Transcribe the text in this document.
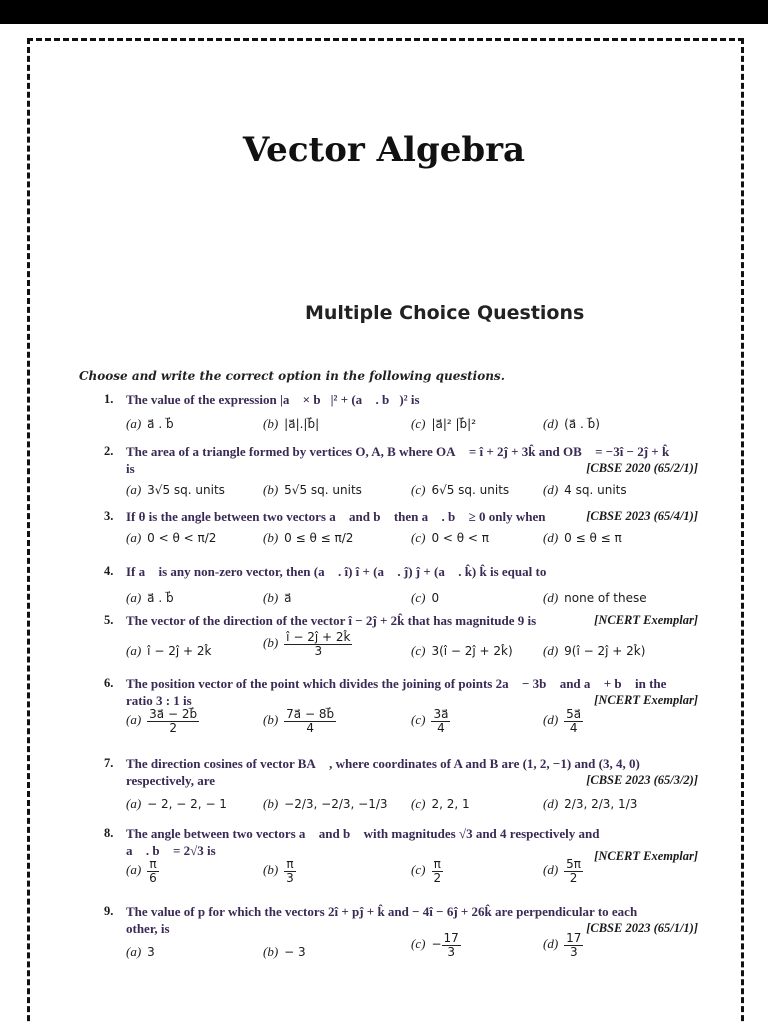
Vector Algebra
Multiple Choice Questions
Choose and write the correct option in the following questions.
1. The value of the expression |a⃗ × b⃗|² + (a⃗ . b⃗)² is
(a) a⃗ . b⃗	(b) |a⃗|.|b⃗|	(c) |a⃗|² |b⃗|²	(d) (a⃗ . b⃗)
2. The area of a triangle formed by vertices O, A, B where OA⃗ = î + 2ĵ + 3k̂ and OB⃗ = −3î − 2ĵ + k̂
is	[CBSE 2020 (65/2/1)]
(a) 3√5 sq. units	(b) 5√5 sq. units	(c) 6√5 sq. units	(d) 4 sq. units
3. If θ is the angle between two vectors a⃗ and b⃗ then a⃗ . b⃗ ≥ 0 only when	[CBSE 2023 (65/4/1)]
(a) 0 < θ < π/2	(b) 0 ≤ θ ≤ π/2	(c) 0 < θ < π	(d) 0 ≤ θ ≤ π
4. If a⃗ is any non-zero vector, then (a⃗ . î) î + (a⃗ . ĵ) ĵ + (a⃗ . k̂) k̂ is equal to
(a) a⃗ . b⃗	(b) a⃗	(c) 0	(d) none of these
5. The vector of the direction of the vector î − 2ĵ + 2k̂ that has magnitude 9 is	[NCERT Exemplar]
(a) î − 2ĵ + 2k̂
$(b) \frac{î - 2ĵ + 2k̂}{3}$	(c) 3(î − 2ĵ + 2k̂) (d) 9(î − 2ĵ + 2k̂)
6. The position vector of the point which divides the joining of points 2a⃗ − 3b⃗ and a⃗ + b⃗ in the
ratio 3 : 1 is	[NCERT Exemplar]
$(a) \frac{3a⃗ - 2b⃗}{2}$	$(b) \frac{7a⃗ - 8b⃗}{4}$	$(c) \frac{3a⃗}{4}$	$(d) \frac{5a⃗}{4}$
7. The direction cosines of vector BA⃗ , where coordinates of A and B are (1, 2, −1) and (3, 4, 0)
respectively, are	[CBSE 2023 (65/3/2)]
(a) − 2, − 2, − 1	(b) −2/3, −2/3, −1/3 (c) 2, 2, 1	(d) 2/3, 2/3, 1/3
8. The angle between two vectors a⃗ and b⃗ with magnitudes √3 and 4 respectively and
a⃗ . b⃗ = 2√3 is	[NCERT Exemplar]
$(a) \frac{\pi}{6}$	$(b) \frac{\pi}{3}$	$(c) \frac{\pi}{2}$	$(d) \frac{5\pi}{2}$
9. The value of p for which the vectors 2î + pĵ + k̂ and − 4î − 6ĵ + 26k̂ are perpendicular to each
other, is	[CBSE 2023 (65/1/1)]
(a) 3	(b) − 3
$(c) - \frac{17}{3}$	$(d) \frac{17}{3}$
